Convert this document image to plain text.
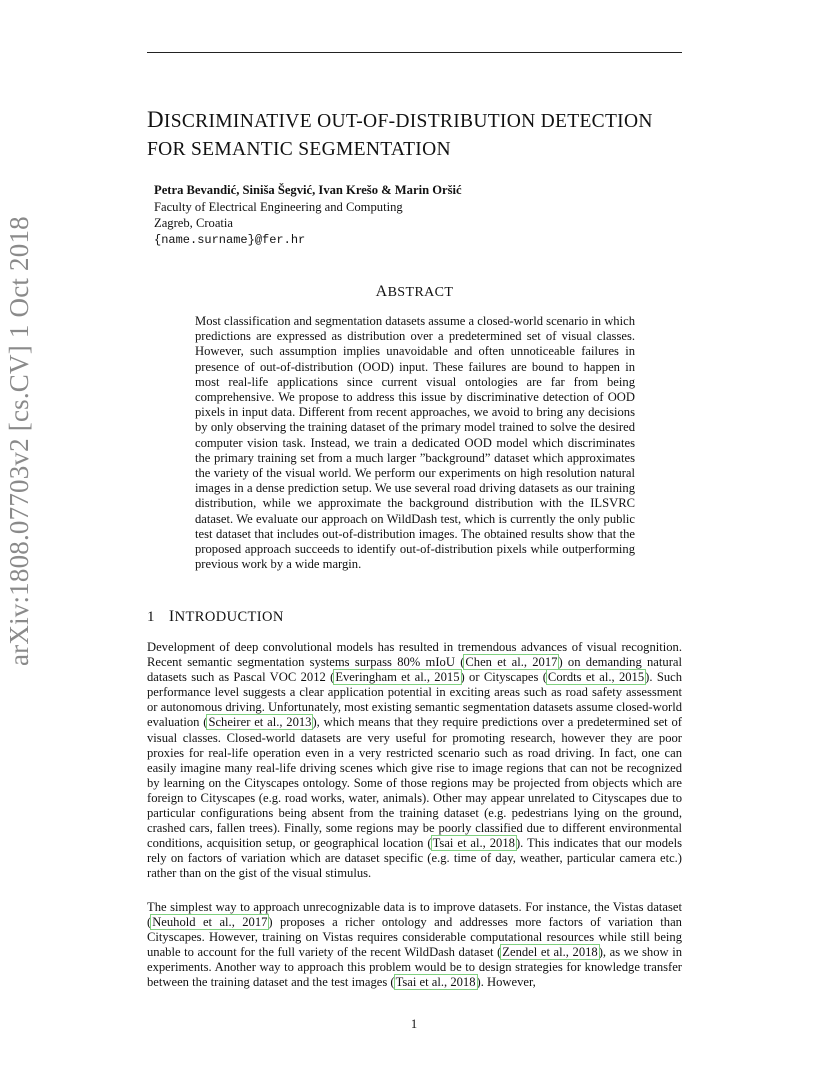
arXiv:1808.07703v2 [cs.CV] 1 Oct 2018
DISCRIMINATIVE OUT-OF-DISTRIBUTION DETECTION
FOR SEMANTIC SEGMENTATION
Petra Bevandić, Siniša Šegvić, Ivan Krešo & Marin Oršić
Faculty of Electrical Engineering and Computing
Zagreb, Croatia
{name.surname}@fer.hr
ABSTRACT
Most classification and segmentation datasets assume a closed-world scenario in which predictions are expressed as distribution over a predetermined set of visual classes. However, such assumption implies unavoidable and often unnoticeable failures in presence of out-of-distribution (OOD) input. These failures are bound to happen in most real-life applications since current visual ontologies are far from being comprehensive. We propose to address this issue by discriminative detection of OOD pixels in input data. Different from recent approaches, we avoid to bring any decisions by only observing the training dataset of the primary model trained to solve the desired computer vision task. Instead, we train a dedicated OOD model which discriminates the primary training set from a much larger ”background” dataset which approximates the variety of the visual world. We perform our experiments on high resolution natural images in a dense prediction setup. We use several road driving datasets as our training distribution, while we approximate the background distribution with the ILSVRC dataset. We evaluate our approach on WildDash test, which is currently the only public test dataset that includes out-of-distribution images. The obtained results show that the proposed approach succeeds to identify out-of-distribution pixels while outperforming previous work by a wide margin.
1 INTRODUCTION
Development of deep convolutional models has resulted in tremendous advances of visual recognition. Recent semantic segmentation systems surpass 80% mIoU (Chen et al., 2017) on demanding natural datasets such as Pascal VOC 2012 (Everingham et al., 2015) or Cityscapes (Cordts et al., 2015). Such performance level suggests a clear application potential in exciting areas such as road safety assessment or autonomous driving. Unfortunately, most existing semantic segmentation datasets assume closed-world evaluation (Scheirer et al., 2013), which means that they require predictions over a predetermined set of visual classes. Closed-world datasets are very useful for promoting research, however they are poor proxies for real-life operation even in a very restricted scenario such as road driving. In fact, one can easily imagine many real-life driving scenes which give rise to image regions that can not be recognized by learning on the Cityscapes ontology. Some of those regions may be projected from objects which are foreign to Cityscapes (e.g. road works, water, animals). Other may appear unrelated to Cityscapes due to particular configurations being absent from the training dataset (e.g. pedestrians lying on the ground, crashed cars, fallen trees). Finally, some regions may be poorly classified due to different environmental conditions, acquisition setup, or geographical location (Tsai et al., 2018). This indicates that our models rely on factors of variation which are dataset specific (e.g. time of day, weather, particular camera etc.) rather than on the gist of the visual stimulus.
The simplest way to approach unrecognizable data is to improve datasets. For instance, the Vistas dataset (Neuhold et al., 2017) proposes a richer ontology and addresses more factors of variation than Cityscapes. However, training on Vistas requires considerable computational resources while still being unable to account for the full variety of the recent WildDash dataset (Zendel et al., 2018), as we show in experiments. Another way to approach this problem would be to design strategies for knowledge transfer between the training dataset and the test images (Tsai et al., 2018). However,
1
